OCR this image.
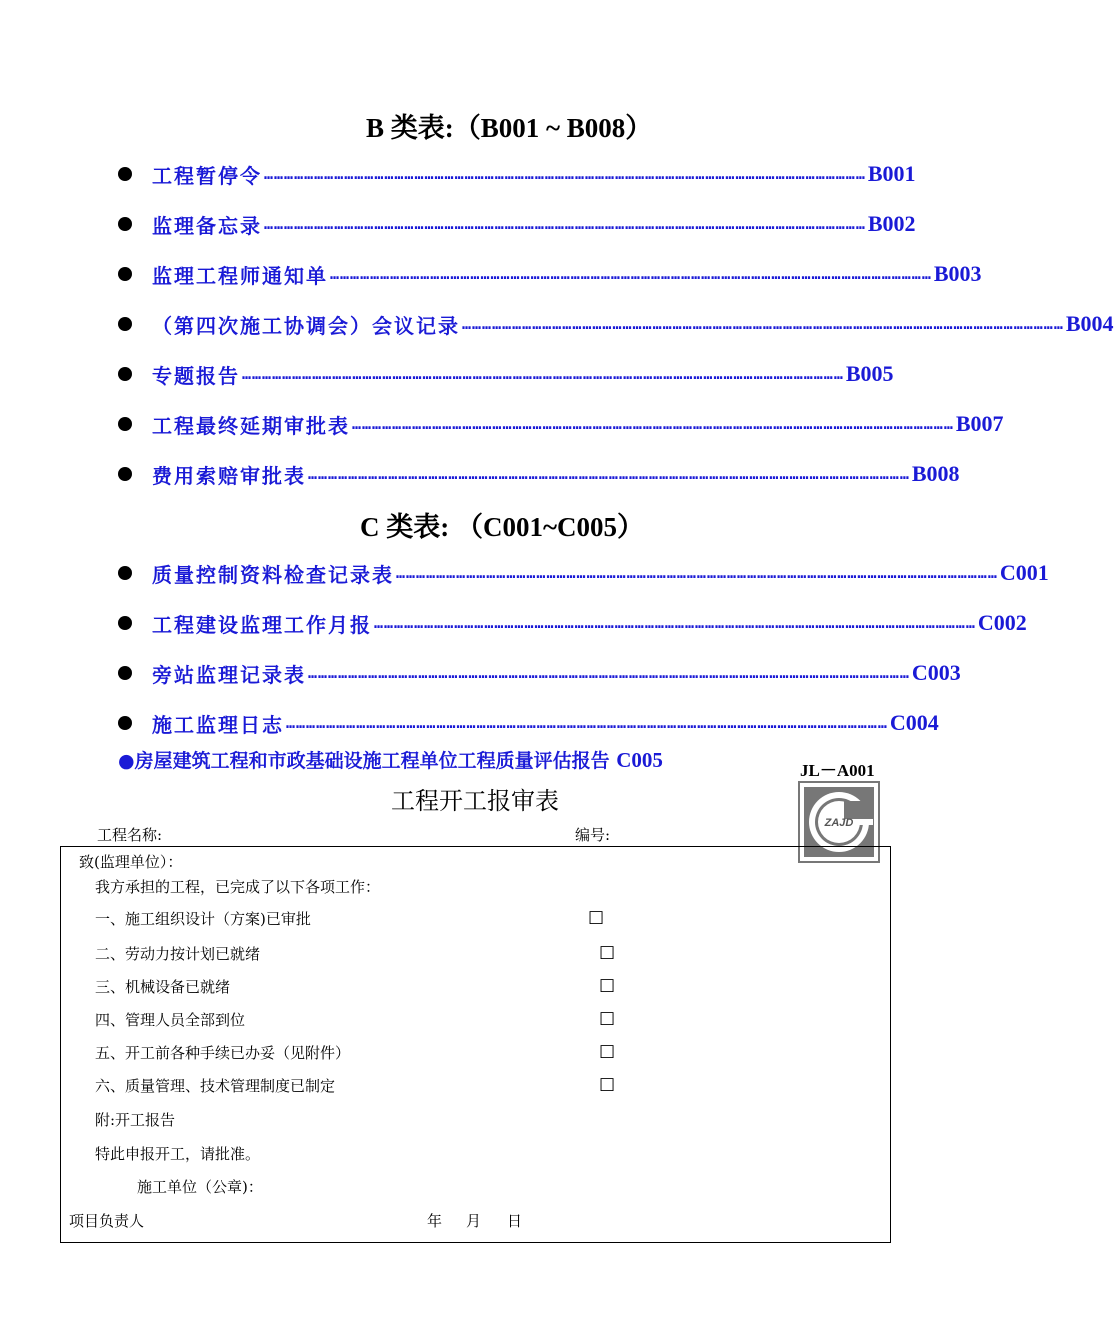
B 类表:（B001 ~ B008）
工程暂停令 ……………………………………………………………………………………………………………………………………………………………… B001
监理备忘录 ……………………………………………………………………………………………………………………………………………………………… B002
监理工程师通知单 ……………………………………………………………………………………………………………………………………………………………… B003
（第四次施工协调会）会议记录 ……………………………………………………………………………………………………………………………………………………………… B004
专题报告 ……………………………………………………………………………………………………………………………………………………………… B005
工程最终延期审批表 ……………………………………………………………………………………………………………………………………………………………… B007
费用索赔审批表 ……………………………………………………………………………………………………………………………………………………………… B008
C 类表: （C001~C005）
质量控制资料检查记录表 ……………………………………………………………………………………………………………………………………………………………… C001
工程建设监理工作月报 ……………………………………………………………………………………………………………………………………………………………… C002
旁站监理记录表 ……………………………………………………………………………………………………………………………………………………………… C003
施工监理日志 ……………………………………………………………………………………………………………………………………………………………… C004
●房屋建筑工程和市政基础设施工程单位工程质量评估报告 C005	JL－A001
ZAJD
工程开工报审表
工程名称:	编号:
致(监理单位）：
我方承担的工程，已完成了以下各项工作：
一、施工组织设计（方案)已审批	□
二、劳动力按计划已就绪	□
三、机械设备已就绪	□
四、管理人员全部到位	□
五、开工前各种手续已办妥（见附件）	□
六、质量管理、技术管理制度已制定	□
附:开工报告
特此申报开工，请批准。
施工单位（公章)：
项目负责人	年 月 日
